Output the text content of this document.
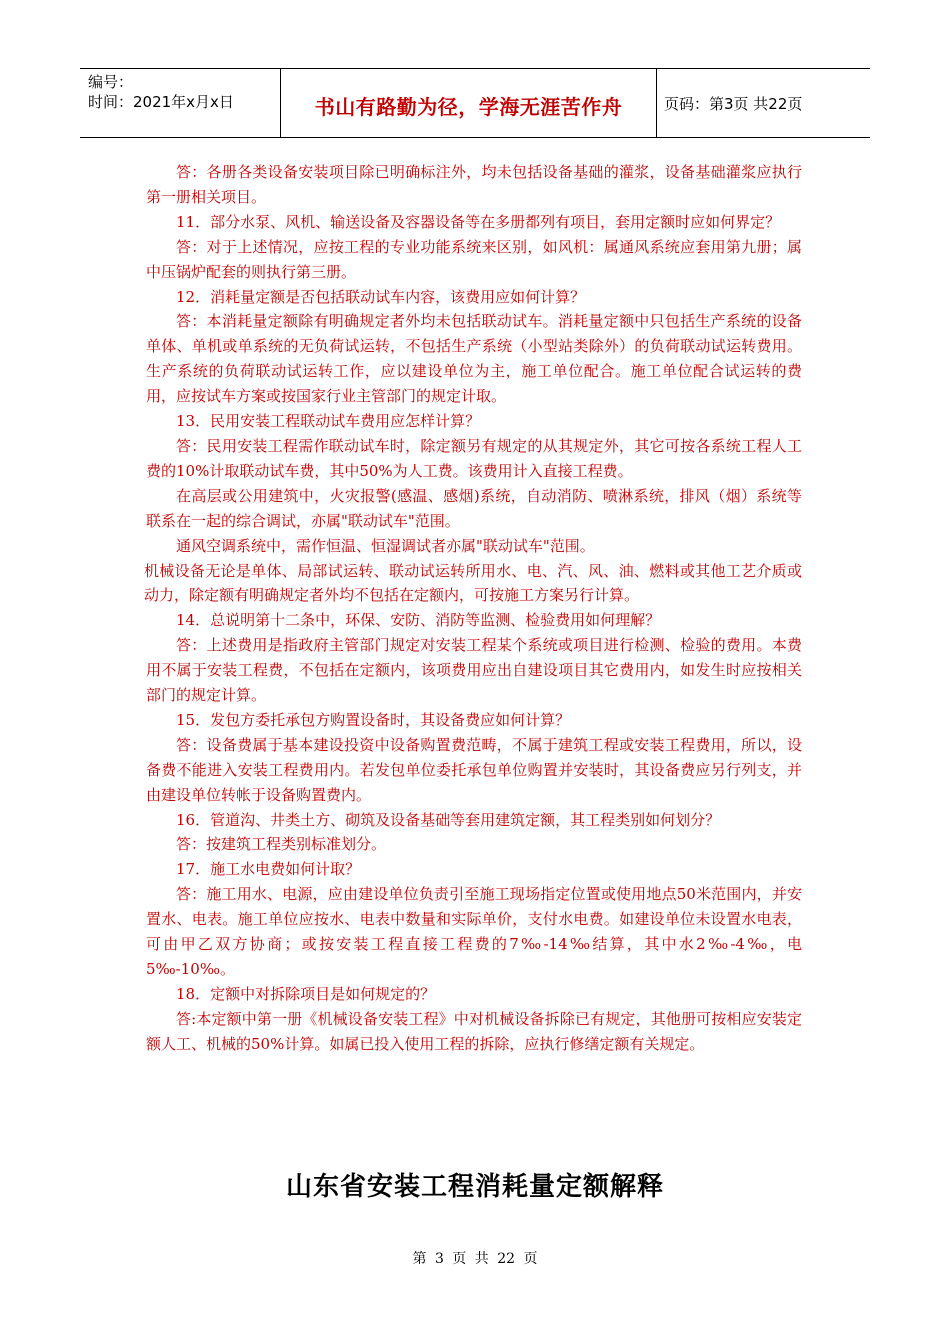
编号：
时间：2021年x月x日	书山有路勤为径，学海无涯苦作舟	页码：第3页 共22页

答：各册各类设备安装项目除已明确标注外，均未包括设备基础的灌浆，设备基础灌浆应执行第一册相关项目。

11．部分水泵、风机、输送设备及容器设备等在多册都列有项目，套用定额时应如何界定？

答：对于上述情况，应按工程的专业功能系统来区别，如风机：属通风系统应套用第九册；属中压锅炉配套的则执行第三册。

12．消耗量定额是否包括联动试车内容，该费用应如何计算？

答：本消耗量定额除有明确规定者外均未包括联动试车。消耗量定额中只包括生产系统的设备单体、单机或单系统的无负荷试运转，不包括生产系统（小型站类除外）的负荷联动试运转费用。生产系统的负荷联动试运转工作，应以建设单位为主，施工单位配合。施工单位配合试运转的费用，应按试车方案或按国家行业主管部门的规定计取。

13．民用安装工程联动试车费用应怎样计算？

答：民用安装工程需作联动试车时，除定额另有规定的从其规定外，其它可按各系统工程人工费的10%计取联动试车费，其中50%为人工费。该费用计入直接工程费。

在高层或公用建筑中，火灾报警(感温、感烟)系统，自动消防、喷淋系统，排风（烟）系统等联系在一起的综合调试，亦属"联动试车"范围。

通风空调系统中，需作恒温、恒湿调试者亦属"联动试车"范围。

机械设备无论是单体、局部试运转、联动试运转所用水、电、汽、风、油、燃料或其他工艺介质或动力，除定额有明确规定者外均不包括在定额内，可按施工方案另行计算。

14．总说明第十二条中，环保、安防、消防等监测、检验费用如何理解？

答：上述费用是指政府主管部门规定对安装工程某个系统或项目进行检测、检验的费用。本费用不属于安装工程费，不包括在定额内，该项费用应出自建设项目其它费用内，如发生时应按相关部门的规定计算。

15．发包方委托承包方购置设备时，其设备费应如何计算？

答：设备费属于基本建设投资中设备购置费范畴，不属于建筑工程或安装工程费用，所以，设备费不能进入安装工程费用内。若发包单位委托承包单位购置并安装时，其设备费应另行列支，并由建设单位转帐于设备购置费内。

16．管道沟、井类土方、砌筑及设备基础等套用建筑定额，其工程类别如何划分？

答：按建筑工程类别标准划分。

17．施工水电费如何计取？

答：施工用水、电源，应由建设单位负责引至施工现场指定位置或使用地点50米范围内，并安置水、电表。施工单位应按水、电表中数量和实际单价，支付水电费。如建设单位未设置水电表，可由甲乙双方协商；或按安装工程直接工程费的7‰-14‰结算，其中水2‰-4‰，电5‰-10‰。

18．定额中对拆除项目是如何规定的？

答:本定额中第一册《机械设备安装工程》中对机械设备拆除已有规定，其他册可按相应安装定额人工、机械的50%计算。如属已投入使用工程的拆除，应执行修缮定额有关规定。

山东省安装工程消耗量定额解释
第 3 页 共 22 页
